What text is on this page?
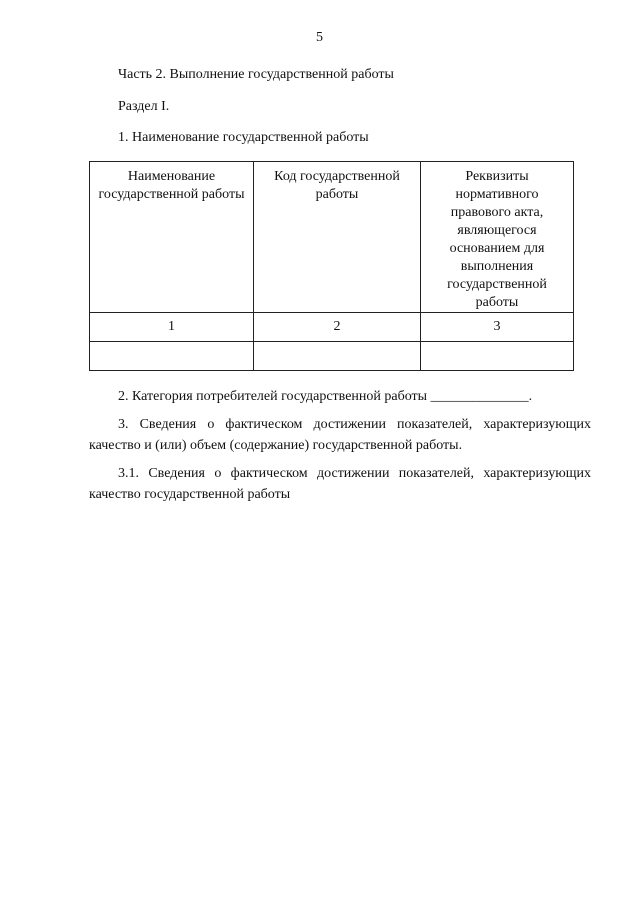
5

Часть 2. Выполнение государственной работы

Раздел I.

1. Наименование государственной работы

Наименование государственной работы	Код государственной работы	Реквизиты нормативного правового акта, являющегося основанием для выполнения государственной работы
1	2	3

2. Категория потребителей государственной работы ______________.

3. Сведения о фактическом достижении показателей, характеризующих качество и (или) объем (содержание) государственной работы.

3.1. Сведения о фактическом достижении показателей, характеризующих качество государственной работы
